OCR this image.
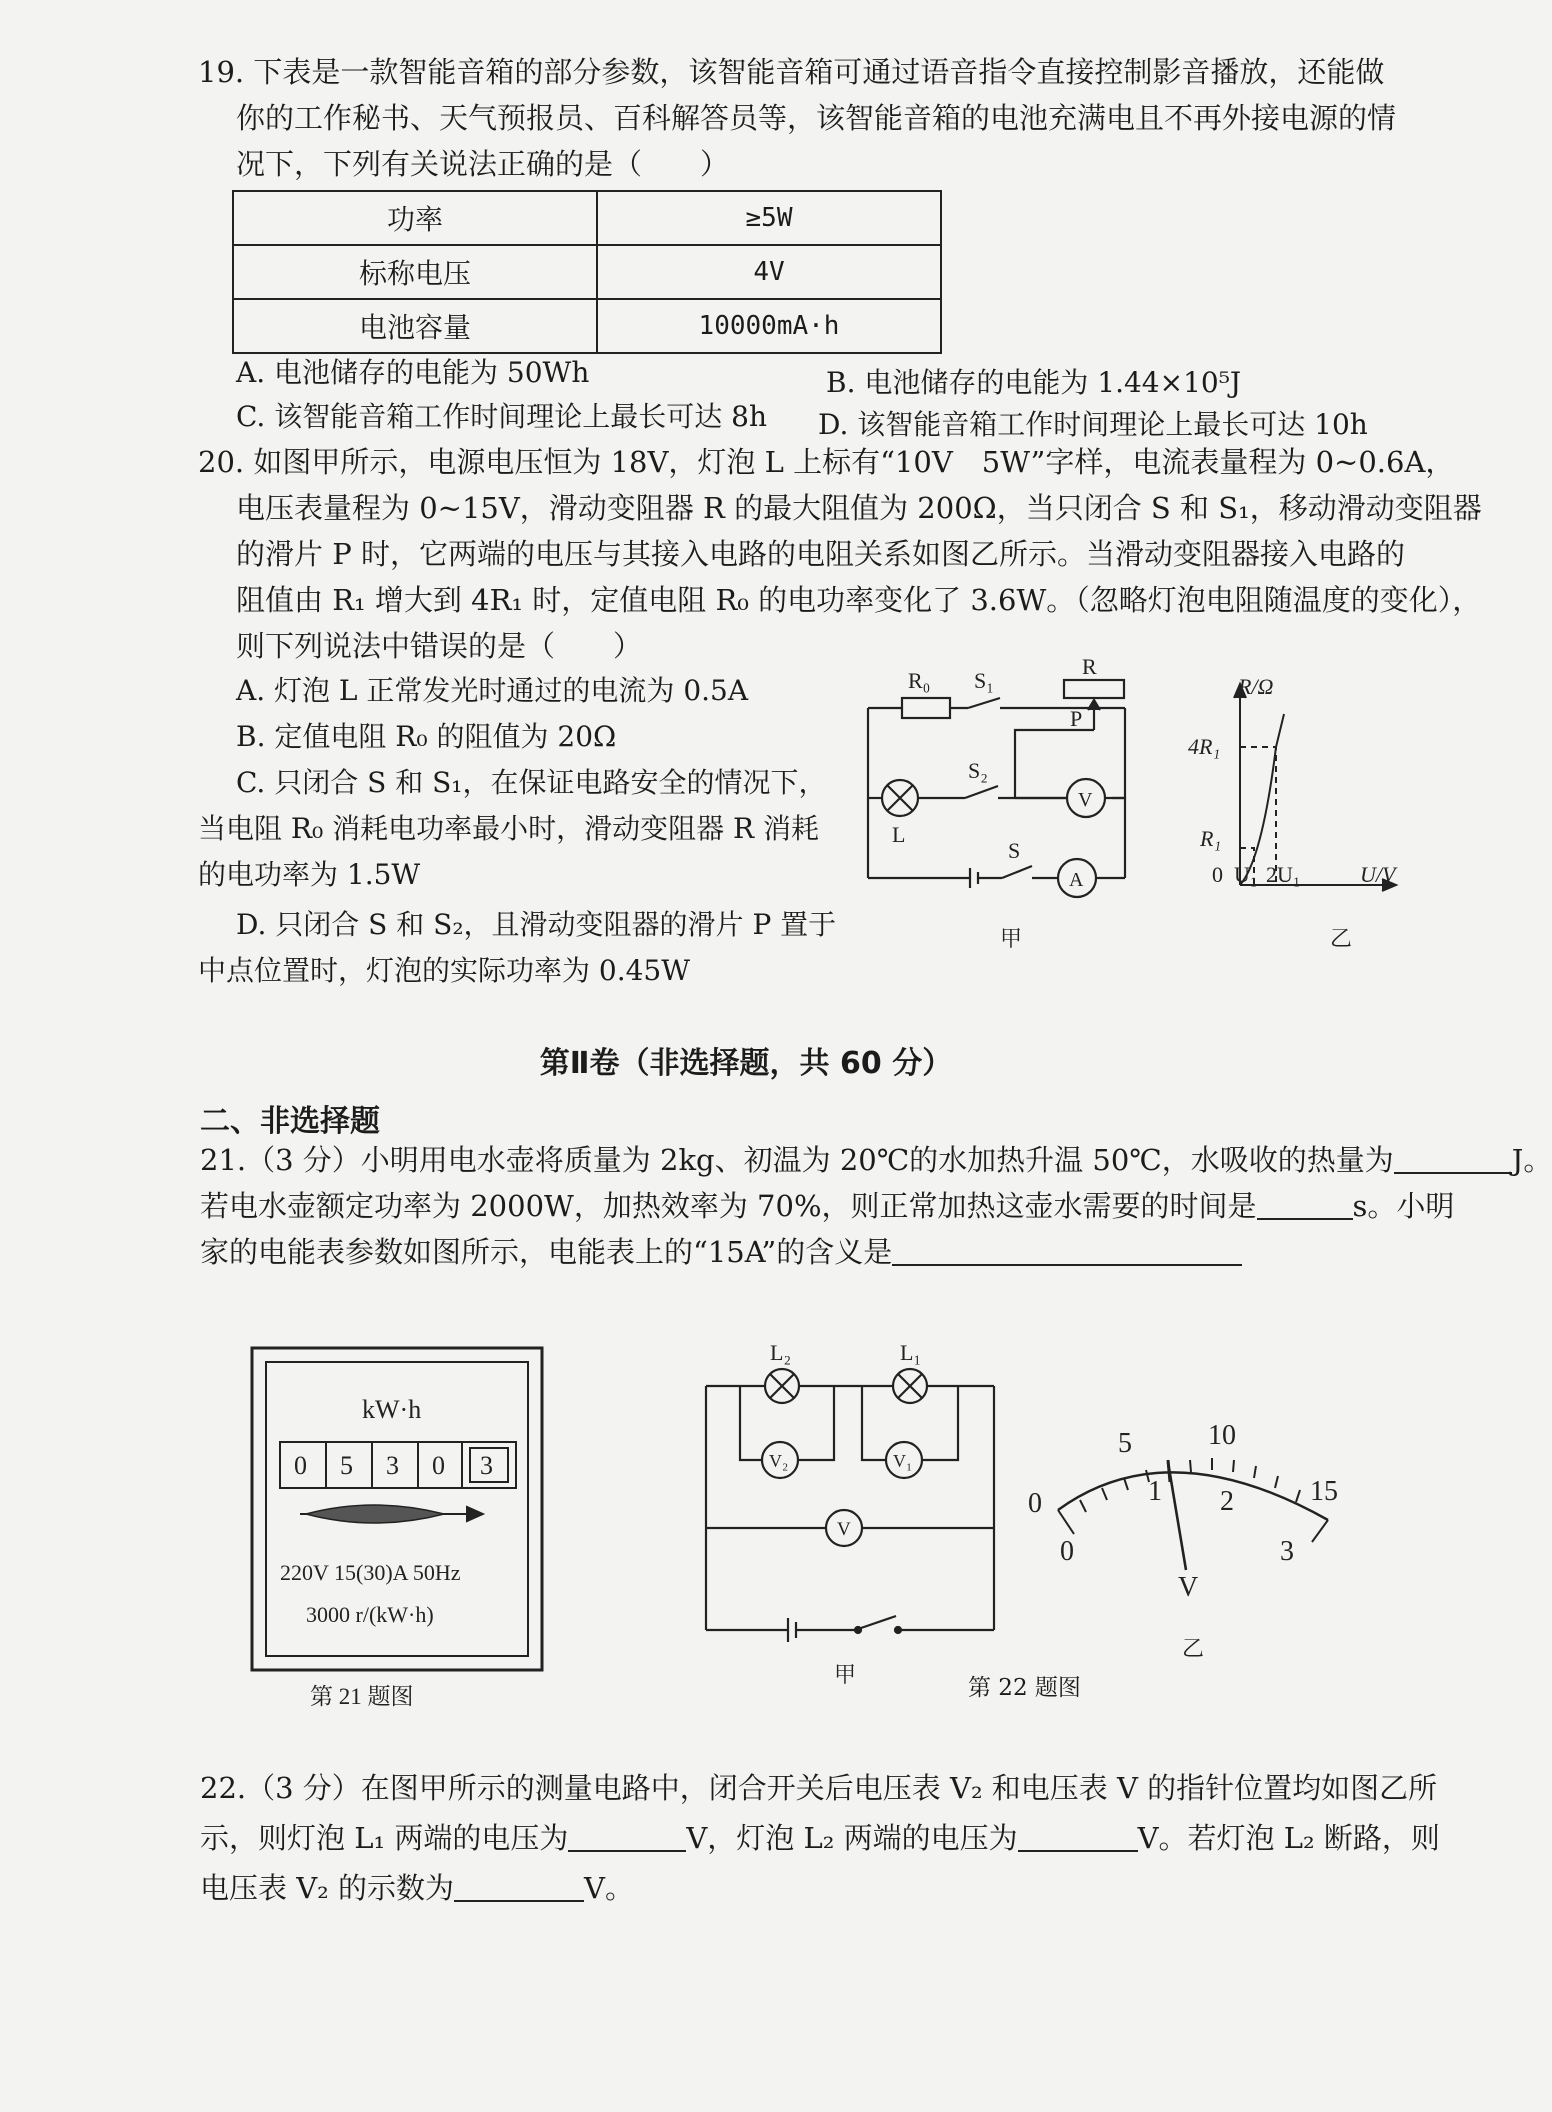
19. 下表是一款智能音箱的部分参数，该智能音箱可通过语音指令直接控制影音播放，还能做
你的工作秘书、天气预报员、百科解答员等，该智能音箱的电池充满电且不再外接电源的情
况下，下列有关说法正确的是（　　）
功率	≥5W
标称电压	4V
电池容量	10000mA·h
A. 电池储存的电能为 50Wh	B. 电池储存的电能为 1.44×10⁵J
C. 该智能音箱工作时间理论上最长可达 8h D. 该智能音箱工作时间理论上最长可达 10h
20. 如图甲所示，电源电压恒为 18V，灯泡 L 上标有“10V　5W”字样，电流表量程为 0~0.6A，
电压表量程为 0~15V，滑动变阻器 R 的最大阻值为 200Ω，当只闭合 S 和 S₁，移动滑动变阻器
的滑片 P 时，它两端的电压与其接入电路的电阻关系如图乙所示。当滑动变阻器接入电路的
阻值由 R₁ 增大到 4R₁ 时，定值电阻 R₀ 的电功率变化了 3.6W。（忽略灯泡电阻随温度的变化），
则下列说法中错误的是（　　）
A. 灯泡 L 正常发光时通过的电流为 0.5A
B. 定值电阻 R₀ 的阻值为 20Ω
C. 只闭合 S 和 S₁，在保证电路安全的情况下，
当电阻 R₀ 消耗电功率最小时，滑动变阻器 R 消耗
的电功率为 1.5W
D. 只闭合 S 和 S₂，且滑动变阻器的滑片 P 置于
中点位置时，灯泡的实际功率为 0.45W
R₀ S₁
R
P
S₂
V
L
S
A
甲
R/Ω
4R₁
R₁
0 U₁ 2U₁	U/V
乙
第Ⅱ卷（非选择题，共 60 分）
二、非选择题
21.（3 分）小明用电水壶将质量为 2kg、初温为 20℃的水加热升温 50℃，水吸收的热量为	J。
若电水壶额定功率为 2000W，加热效率为 70%，则正常加热这壶水需要的时间是	s。小明
家的电能表参数如图所示，电能表上的“15A”的含义是
kW·h
0 5 3 0 3
220V 15(30)A 50Hz
3000 r/(kW·h)
第 21 题图
L₂	L₁
V₂	V₁
V
甲
0
5	10
15
0
1 2
3
V
乙
第 22 题图
22.（3 分）在图甲所示的测量电路中，闭合开关后电压表 V₂ 和电压表 V 的指针位置均如图乙所
示，则灯泡 L₁ 两端的电压为	V，灯泡 L₂ 两端的电压为	V。若灯泡 L₂ 断路，则
电压表 V₂ 的示数为	V。
